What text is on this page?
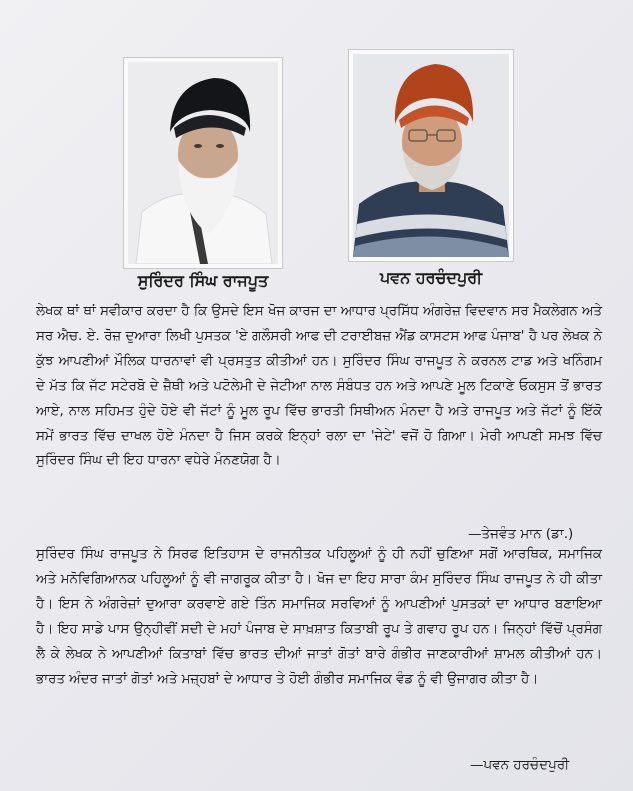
ਸੁਰਿੰਦਰ ਸਿੰਘ ਰਾਜਪੂਤ	ਪਵਨ ਹਰਚੰਦਪੁਰੀ

ਲੇਖਕ ਥਾਂ ਥਾਂ ਸਵੀਕਾਰ ਕਰਦਾ ਹੈ ਕਿ ਉਸਦੇ ਇਸ ਖੋਜ ਕਾਰਜ ਦਾ ਆਧਾਰ ਪ੍ਰਸਿੱਧ ਅੰਗਰੇਜ਼ ਵਿਦਵਾਨ ਸਰ ਮੈਕਲੇਗਨ ਅਤੇ ਸਰ ਐਚ. ਏ. ਰੋਜ਼ ਦੁਆਰਾ ਲਿਖੀ ਪੁਸਤਕ 'ਏ ਗਲੌਸਰੀ ਆਫ ਦੀ ਟਰਾਈਬਜ਼ ਐਂਡ ਕਾਸਟਸ ਆਫ ਪੰਜਾਬ' ਹੈ ਪਰ ਲੇਖਕ ਨੇ ਕੁੱਝ ਆਪਣੀਆਂ ਮੌਲਿਕ ਧਾਰਨਾਵਾਂ ਵੀ ਪ੍ਰਸਤੁਤ ਕੀਤੀਆਂ ਹਨ। ਸੁਰਿੰਦਰ ਸਿੰਘ ਰਾਜਪੂਤ ਨੇ ਕਰਨਲ ਟਾਡ ਅਤੇ ਖਨਿੰਗਮ ਦੇ ਮੱਤ ਕਿ ਜੱਟ ਸਟੇਰਬੋ ਦੇ ਜ਼ੈਥੀ ਅਤੇ ਪਟੋਲੇਮੀ ਦੇ ਜੇਟੀਆ ਨਾਲ ਸੰਬੰਧਤ ਹਨ ਅਤੇ ਆਪਣੇ ਮੂਲ ਟਿਕਾਣੇ ਓਕਸੁਸ ਤੋਂ ਭਾਰਤ ਆਏ, ਨਾਲ ਸਹਿਮਤ ਹੁੰਦੇ ਹੋਏ ਵੀ ਜੱਟਾਂ ਨੂੰ ਮੂਲ ਰੂਪ ਵਿੱਚ ਭਾਰਤੀ ਸਿਥੀਅਨ ਮੰਨਦਾ ਹੈ ਅਤੇ ਰਾਜਪੂਤ ਅਤੇ ਜੱਟਾਂ ਨੂੰ ਇੱਕੋ ਸਮੇਂ ਭਾਰਤ ਵਿੱਚ ਦਾਖਲ ਹੋਏ ਮੰਨਦਾ ਹੈ ਜਿਸ ਕਰਕੇ ਇਨ੍ਹਾਂ ਰਲਾ ਦਾ 'ਜੇਟੇ' ਵਜੋਂ ਹੋ ਗਿਆ। ਮੇਰੀ ਆਪਣੀ ਸਮਝ ਵਿੱਚ ਸੁਰਿੰਦਰ ਸਿੰਘ ਦੀ ਇਹ ਧਾਰਨਾ ਵਧੇਰੇ ਮੰਨਣਯੋਗ ਹੈ।

—ਤੇਜਵੰਤ ਮਾਨ (ਡਾ.)

ਸੁਰਿੰਦਰ ਸਿੰਘ ਰਾਜਪੂਤ ਨੇ ਸਿਰਫ ਇਤਿਹਾਸ ਦੇ ਰਾਜਨੀਤਕ ਪਹਿਲੂਆਂ ਨੂੰ ਹੀ ਨਹੀਂ ਚੁਣਿਆ ਸਗੋਂ ਆਰਥਿਕ, ਸਮਾਜਿਕ ਅਤੇ ਮਨੋਵਿਗਿਆਨਕ ਪਹਿਲੂਆਂ ਨੂੰ ਵੀ ਜਾਗਰੂਕ ਕੀਤਾ ਹੈ। ਖੋਜ ਦਾ ਇਹ ਸਾਰਾ ਕੰਮ ਸੁਰਿੰਦਰ ਸਿੰਘ ਰਾਜਪੂਤ ਨੇ ਹੀ ਕੀਤਾ ਹੈ। ਇਸ ਨੇ ਅੰਗਰੇਜ਼ਾਂ ਦੁਆਰਾ ਕਰਵਾਏ ਗਏ ਤਿੰਨ ਸਮਾਜਿਕ ਸਰਵਿਆਂ ਨੂੰ ਆਪਣੀਆਂ ਪੁਸਤਕਾਂ ਦਾ ਆਧਾਰ ਬਣਾਇਆ ਹੈ। ਇਹ ਸਾਡੇ ਪਾਸ ਉਨ੍ਹੀਵੀਂ ਸਦੀ ਦੇ ਮਹਾਂ ਪੰਜਾਬ ਦੇ ਸਾਖ਼ਸ਼ਾਤ ਕਿਤਾਬੀ ਰੂਪ ਤੇ ਗਵਾਹ ਰੂਪ ਹਨ। ਜਿਨ੍ਹਾਂ ਵਿੱਚੋਂ ਪ੍ਰਸੰਗ ਲੈ ਕੇ ਲੇਖਕ ਨੇ ਆਪਣੀਆਂ ਕਿਤਾਬਾਂ ਵਿੱਚ ਭਾਰਤ ਦੀਆਂ ਜਾਤਾਂ ਗੋਤਾਂ ਬਾਰੇ ਗੰਭੀਰ ਜਾਣਕਾਰੀਆਂ ਸ਼ਾਮਲ ਕੀਤੀਆਂ ਹਨ। ਭਾਰਤ ਅੰਦਰ ਜਾਤਾਂ ਗੋਤਾਂ ਅਤੇ ਮਜ਼੍ਹਬਾਂ ਦੇ ਆਧਾਰ ਤੇ ਹੋਈ ਗੰਭੀਰ ਸਮਾਜਿਕ ਵੰਡ ਨੂੰ ਵੀ ਉਜਾਗਰ ਕੀਤਾ ਹੈ।

—ਪਵਨ ਹਰਚੰਦਪੁਰੀ
